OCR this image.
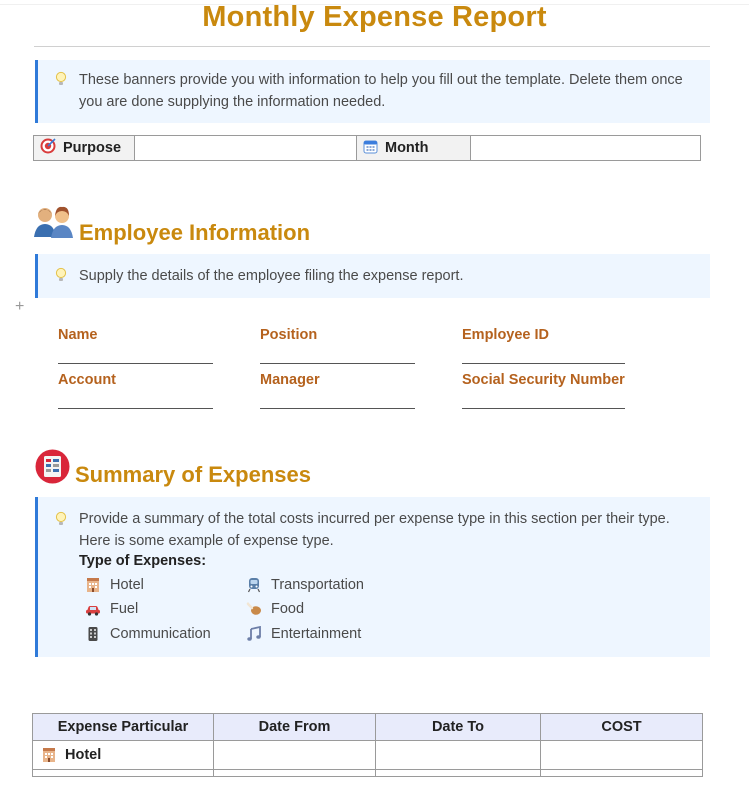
Monthly Expense Report
These banners provide you with information to help you fill out the template. Delete them once you are done supplying the information needed.
Purpose	Month
Employee Information
Supply the details of the employee filing the expense report.
+
Name	Position	Employee ID
Account	Manager	Social Security Number
Summary of Expenses
Provide a summary of the total costs incurred per expense type in this section per their type.
Here is some example of expense type.
Type of Expenses:
Hotel	Transportation
Fuel	Food
Communication	Entertainment
Expense Particular	Date From	Date To	COST

Hotel			
